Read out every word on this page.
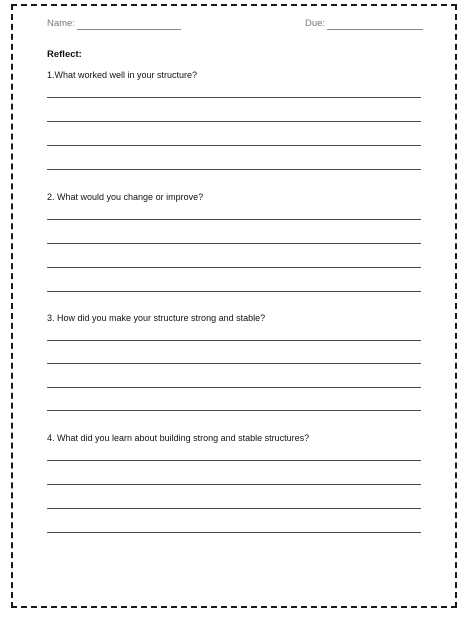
Name:	Due:
Reflect:
1.What worked well in your structure?
2. What would you change or improve?
3. How did you make your structure strong and stable?
4. What did you learn about building strong and stable structures?
